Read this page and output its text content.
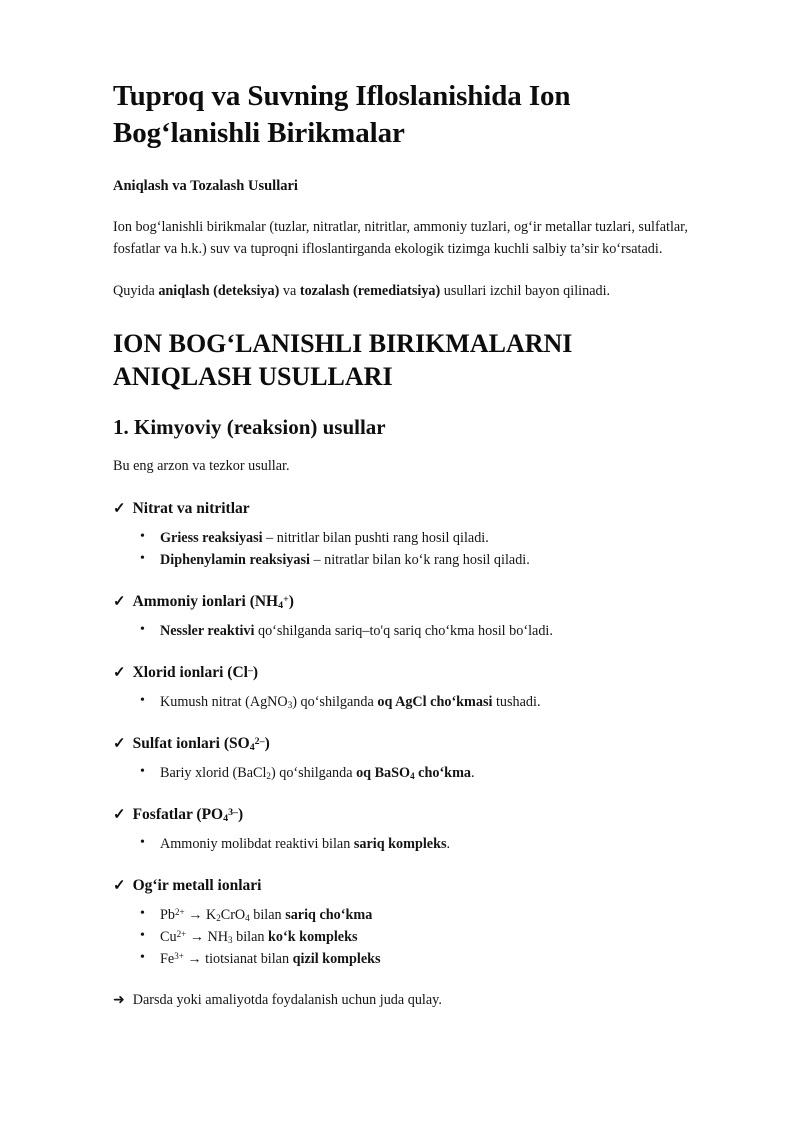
Tuproq va Suvning Ifloslanishida Ion Bog‘lanishli Birikmalar
Aniqlash va Tozalash Usullari

Ion bog‘lanishli birikmalar (tuzlar, nitratlar, nitritlar, ammoniy tuzlari, og‘ir metallar tuzlari, sulfatlar, fosfatlar va h.k.) suv va tuproqni ifloslantirganda ekologik tizimga kuchli salbiy ta’sir ko‘rsatadi.

Quyida aniqlash (deteksiya) va tozalash (remediatsiya) usullari izchil bayon qilinadi.

ION BOG‘LANISHLI BIRIKMALARNI ANIQLASH USULLARI
1. Kimyoviy (reaksion) usullar

Bu eng arzon va tezkor usullar.

✓ Nitrat va nitritlar
• Griess reaksiyasi – nitritlar bilan pushti rang hosil qiladi.
• Diphenylamin reaksiyasi – nitratlar bilan ko‘k rang hosil qiladi.
✓ Ammoniy ionlari $(NH_4^+)$
• Nessler reaktivi qo‘shilganda sariq–to'q sariq cho‘kma hosil bo‘ladi.
✓ Xlorid ionlari (Cl–)
• Kumush nitrat (AgNO$_3$) qo‘shilganda oq AgCl cho‘kmasi tushadi.
✓ Sulfat ionlari $(SO_4^{2-})$
• Bariy xlorid (BaCl$_2$) qo‘shilganda oq BaSO$_4$ cho‘kma.
✓ Fosfatlar $(PO_4^{3-})$
• Ammoniy molibdat reaktivi bilan sariq kompleks.
✓ Og‘ir metall ionlari
• $Pb^{2+} \to K_2CrO_4$ bilan sariq cho‘kma
• $Cu^{2+} \to NH_3$ bilan ko‘k kompleks
• $Fe^{3+}$ → tiotsianat bilan qizil kompleks
➜ Darsda yoki amaliyotda foydalanish uchun juda qulay.
